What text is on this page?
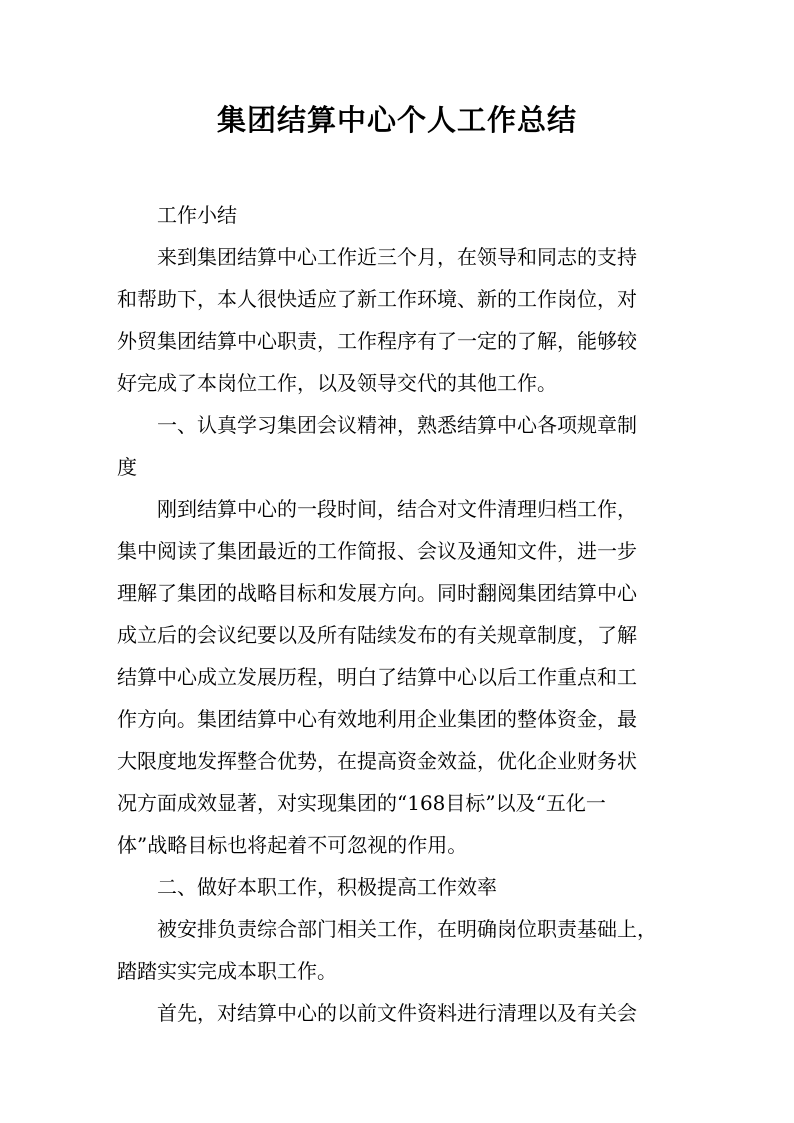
集团结算中心个人工作总结

工作小结

来到集团结算中心工作近三个月，在领导和同志的支持
和帮助下，本人很快适应了新工作环境、新的工作岗位，对
外贸集团结算中心职责，工作程序有了一定的了解，能够较
好完成了本岗位工作，以及领导交代的其他工作。

一、认真学习集团会议精神，熟悉结算中心各项规章制
度

刚到结算中心的一段时间，结合对文件清理归档工作，
集中阅读了集团最近的工作简报、会议及通知文件，进一步
理解了集团的战略目标和发展方向。同时翻阅集团结算中心
成立后的会议纪要以及所有陆续发布的有关规章制度，了解
结算中心成立发展历程，明白了结算中心以后工作重点和工
作方向。集团结算中心有效地利用企业集团的整体资金，最
大限度地发挥整合优势，在提高资金效益，优化企业财务状
况方面成效显著，对实现集团的“168目标”以及“五化一
体”战略目标也将起着不可忽视的作用。

二、做好本职工作，积极提高工作效率

被安排负责综合部门相关工作，在明确岗位职责基础上，
踏踏实实完成本职工作。

首先，对结算中心的以前文件资料进行清理以及有关会
